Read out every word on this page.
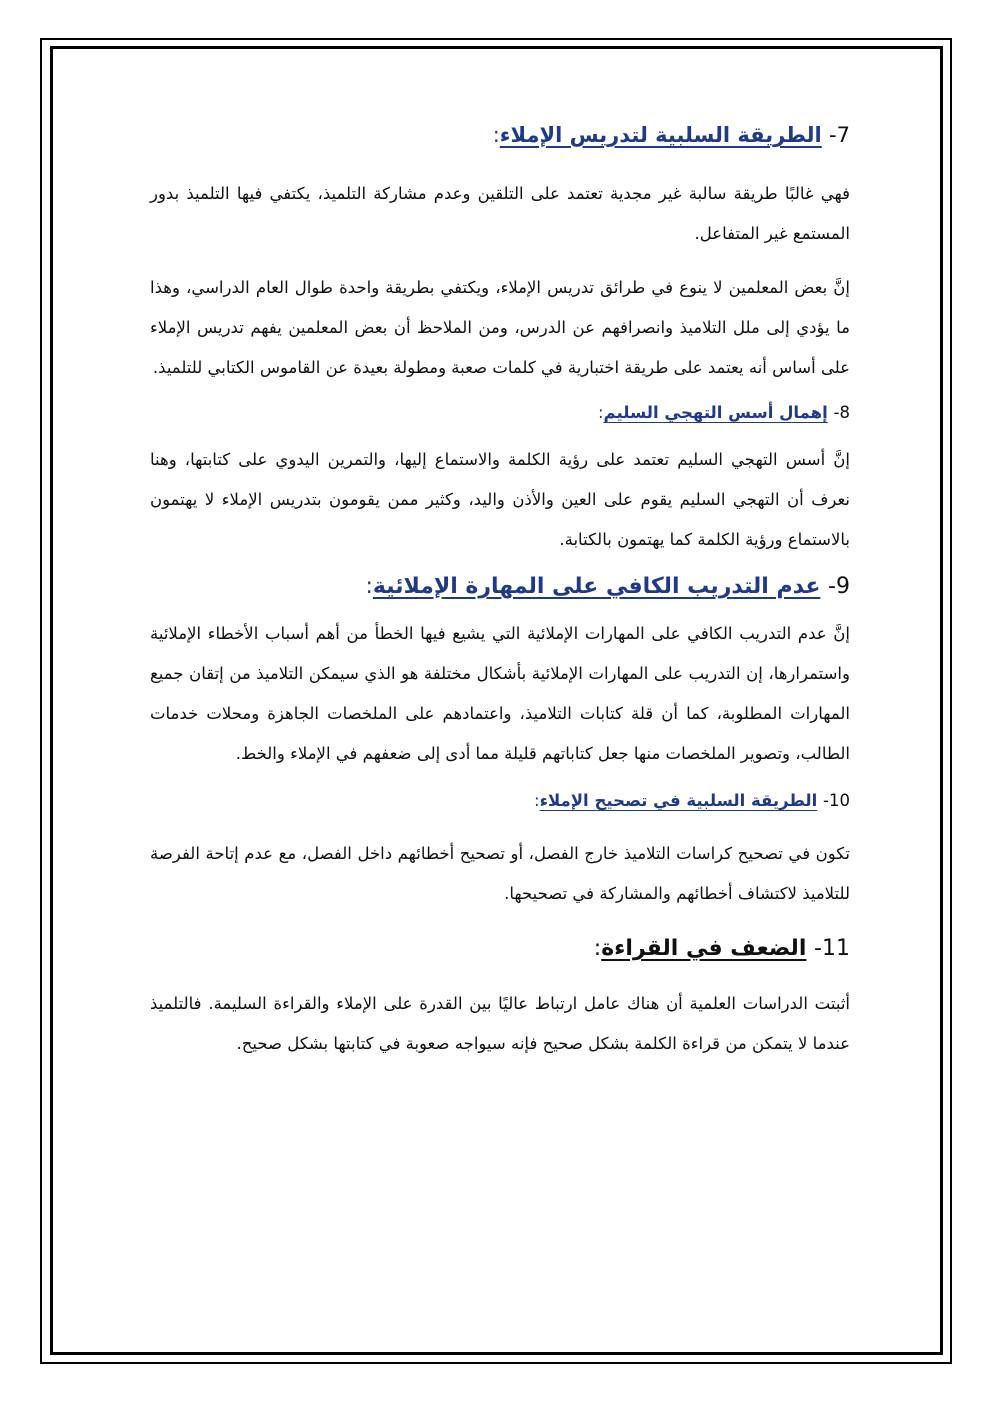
7- الطريقة السلبية لتدريس الإملاء:

فهي غالبًا طريقة سالبة غير مجدية تعتمد على التلقين وعدم مشاركة التلميذ، يكتفي فيها التلميذ بدور المستمع غير المتفاعل.

إنَّ بعض المعلمين لا ينوع في طرائق تدريس الإملاء، ويكتفي بطريقة واحدة طوال العام الدراسي، وهذا ما يؤدي إلى ملل التلاميذ وانصرافهم عن الدرس، ومن الملاحظ أن بعض المعلمين يفهم تدريس الإملاء على أساس أنه يعتمد على طريقة اختبارية في كلمات صعبة ومطولة بعيدة عن القاموس الكتابي للتلميذ.

8- إهمال أسس التهجي السليم:

إنَّ أسس التهجي السليم تعتمد على رؤية الكلمة والاستماع إليها، والتمرين اليدوي على كتابتها، وهنا نعرف أن التهجي السليم يقوم على العين والأذن واليد، وكثير ممن يقومون بتدريس الإملاء لا يهتمون بالاستماع ورؤية الكلمة كما يهتمون بالكتابة.

9- عدم التدريب الكافي على المهارة الإملائية:

إنَّ عدم التدريب الكافي على المهارات الإملائية التي يشيع فيها الخطأ من أهم أسباب الأخطاء الإملائية واستمرارها، إن التدريب على المهارات الإملائية بأشكال مختلفة هو الذي سيمكن التلاميذ من إتقان جميع المهارات المطلوبة، كما أن قلة كتابات التلاميذ، واعتمادهم على الملخصات الجاهزة ومحلات خدمات الطالب، وتصوير الملخصات منها جعل كتاباتهم قليلة مما أدى إلى ضعفهم في الإملاء والخط.

10- الطريقة السلبية في تصحيح الإملاء:

تكون في تصحيح كراسات التلاميذ خارج الفصل، أو تصحيح أخطائهم داخل الفصل، مع عدم إتاحة الفرصة للتلاميذ لاكتشاف أخطائهم والمشاركة في تصحيحها.

11- الضعف في القراءة:

أثبتت الدراسات العلمية أن هناك عامل ارتباط عاليًا بين القدرة على الإملاء والقراءة السليمة. فالتلميذ عندما لا يتمكن من قراءة الكلمة بشكل صحيح فإنه سيواجه صعوبة في كتابتها بشكل صحيح.
